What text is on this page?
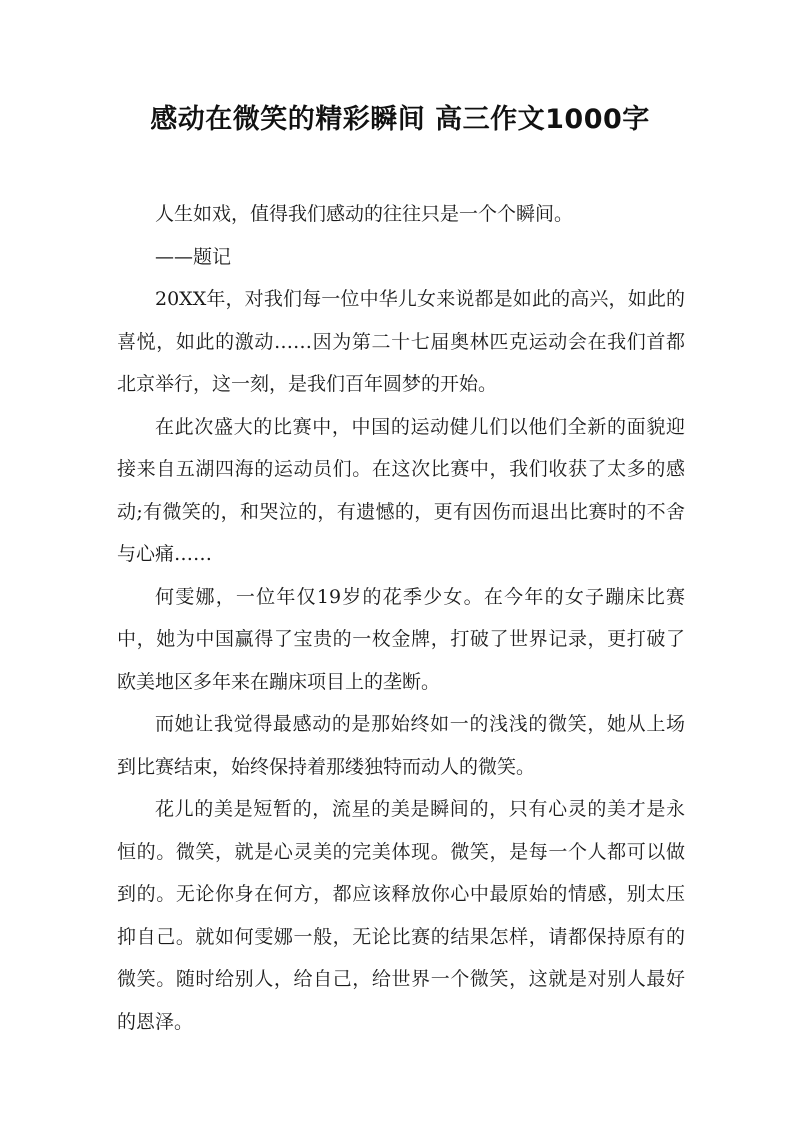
感动在微笑的精彩瞬间 高三作文1000字

人生如戏，值得我们感动的往往只是一个个瞬间。

——题记

20XX年，对我们每一位中华儿女来说都是如此的高兴，如此的喜悦，如此的激动……因为第二十七届奥林匹克运动会在我们首都北京举行，这一刻，是我们百年圆梦的开始。

在此次盛大的比赛中，中国的运动健儿们以他们全新的面貌迎接来自五湖四海的运动员们。在这次比赛中，我们收获了太多的感动;有微笑的，和哭泣的，有遗憾的，更有因伤而退出比赛时的不舍与心痛……

何雯娜，一位年仅19岁的花季少女。在今年的女子蹦床比赛中，她为中国赢得了宝贵的一枚金牌，打破了世界记录，更打破了欧美地区多年来在蹦床项目上的垄断。

而她让我觉得最感动的是那始终如一的浅浅的微笑，她从上场到比赛结束，始终保持着那缕独特而动人的微笑。

花儿的美是短暂的，流星的美是瞬间的，只有心灵的美才是永恒的。微笑，就是心灵美的完美体现。微笑，是每一个人都可以做到的。无论你身在何方，都应该释放你心中最原始的情感，别太压抑自己。就如何雯娜一般，无论比赛的结果怎样，请都保持原有的微笑。随时给别人，给自己，给世界一个微笑，这就是对别人最好的恩泽。
